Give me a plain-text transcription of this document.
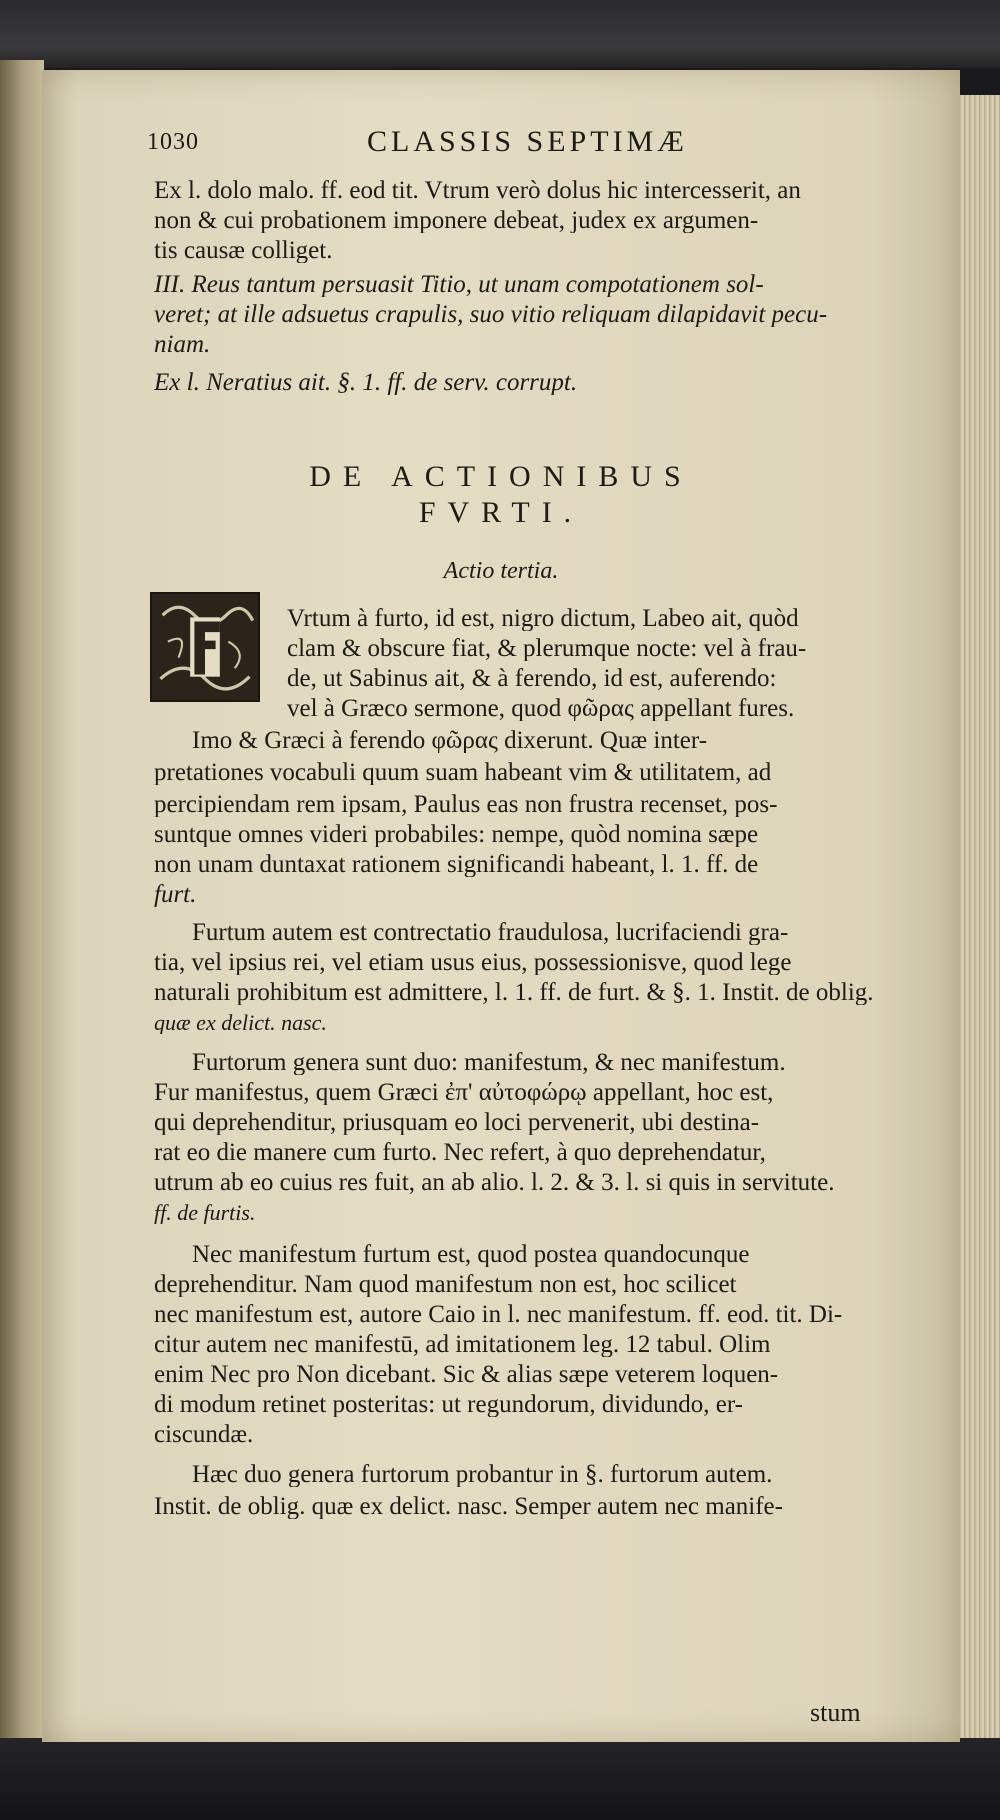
1030	CLASSIS SEPTIMÆ
Ex l. dolo malo. ff. eod tit. Vtrum verò dolus hic intercesserit, an
non & cui probationem imponere debeat, judex ex argumen-
tis causæ colliget.
III. Reus tantum persuasit Titio, ut unam compotationem sol-
veret; at ille adsuetus crapulis, suo vitio reliquam dilapidavit pecu-
niam.
Ex l. Neratius ait. §. 1. ff. de serv. corrupt.
DE ACTIONIBUS
FVRTI.
Actio tertia.
Vrtum à furto, id est, nigro dictum, Labeo ait, quòd
clam & obscure fiat, & plerumque nocte: vel à frau-
de, ut Sabinus ait, & à ferendo, id est, auferendo:
vel à Græco sermone, quod φῶρας appellant fures.
Imo & Græci à ferendo φῶρας dixerunt. Quæ inter-
pretationes vocabuli quum suam habeant vim & utilitatem, ad
percipiendam rem ipsam, Paulus eas non frustra recenset, pos-
suntque omnes videri probabiles: nempe, quòd nomina sæpe
non unam duntaxat rationem significandi habeant, l. 1. ff. de
furt.
Furtum autem est contrectatio fraudulosa, lucrifaciendi gra-
tia, vel ipsius rei, vel etiam usus eius, possessionisve, quod lege
naturali prohibitum est admittere, l. 1. ff. de furt. & §. 1. Instit. de oblig.
quæ ex delict. nasc.
Furtorum genera sunt duo: manifestum, & nec manifestum.
Fur manifestus, quem Græci ἐπ' αὐτοφώρῳ appellant, hoc est,
qui deprehenditur, priusquam eo loci pervenerit, ubi destina-
rat eo die manere cum furto. Nec refert, à quo deprehendatur,
utrum ab eo cuius res fuit, an ab alio. l. 2. & 3. l. si quis in servitute.
ff. de furtis.
Nec manifestum furtum est, quod postea quandocunque
deprehenditur. Nam quod manifestum non est, hoc scilicet
nec manifestum est, autore Caio in l. nec manifestum. ff. eod. tit. Di-
citur autem nec manifestū, ad imitationem leg. 12 tabul. Olim
enim Nec pro Non dicebant. Sic & alias sæpe veterem loquen-
di modum retinet posteritas: ut regundorum, dividundo, er-
ciscundæ.
Hæc duo genera furtorum probantur in §. furtorum autem.
Instit. de oblig. quæ ex delict. nasc. Semper autem nec manife-
stum
